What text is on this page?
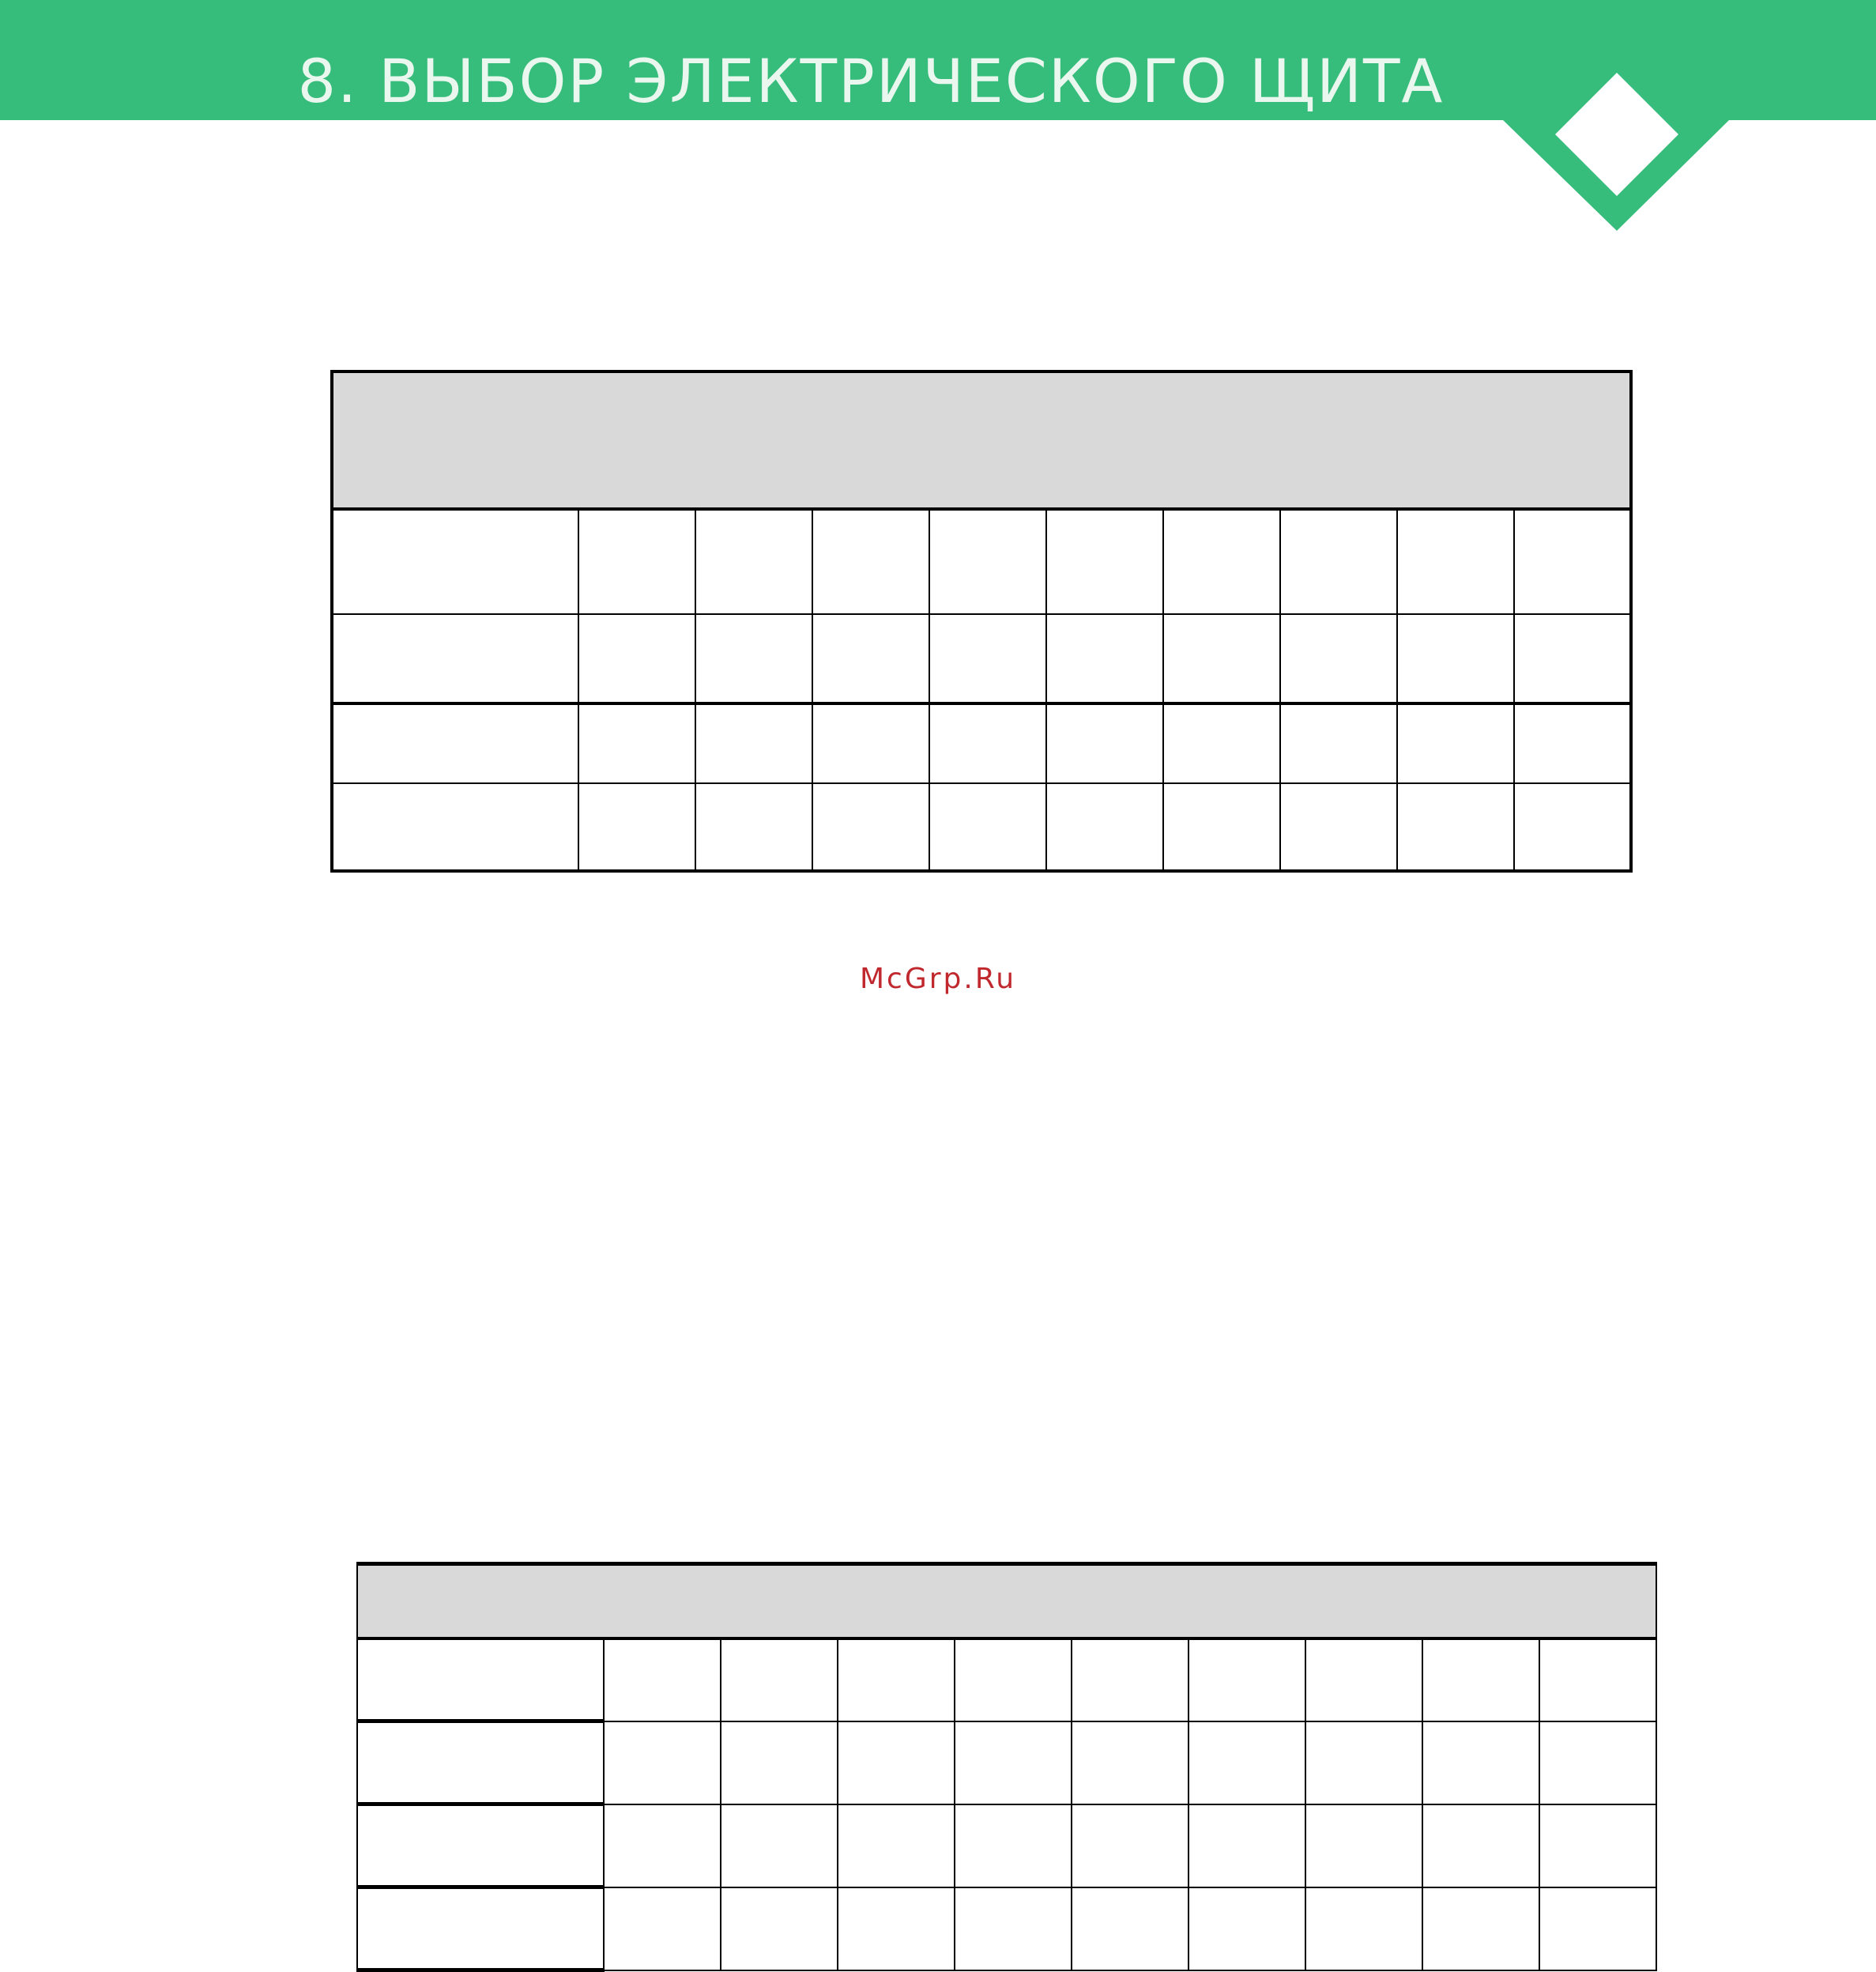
8. ВЫБОР ЭЛЕКТРИЧЕСКОГО ЩИТА

McGrp.Ru
